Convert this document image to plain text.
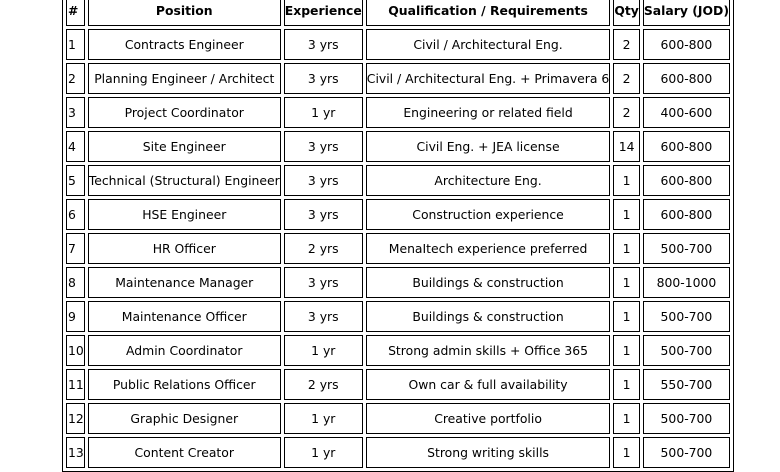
#	Position	Experience	Qualification / Requirements	Qty	Salary (JOD)
1	Contracts Engineer	3 yrs	Civil / Architectural Eng.	2	600-800
2	Planning Engineer / Architect	3 yrs	Civil / Architectural Eng. + Primavera 6	2	600-800
3	Project Coordinator	1 yr	Engineering or related field	2	400-600
4	Site Engineer	3 yrs	Civil Eng. + JEA license	14	600-800
5	Technical (Structural) Engineer	3 yrs	Architecture Eng.	1	600-800
6	HSE Engineer	3 yrs	Construction experience	1	600-800
7	HR Officer	2 yrs	MenaItech experience preferred	1	500-700
8	Maintenance Manager	3 yrs	Buildings & construction	1	800-1000
9	Maintenance Officer	3 yrs	Buildings & construction	1	500-700
10	Admin Coordinator	1 yr	Strong admin skills + Office 365	1	500-700
11	Public Relations Officer	2 yrs	Own car & full availability	1	550-700
12	Graphic Designer	1 yr	Creative portfolio	1	500-700
13	Content Creator	1 yr	Strong writing skills	1	500-700
